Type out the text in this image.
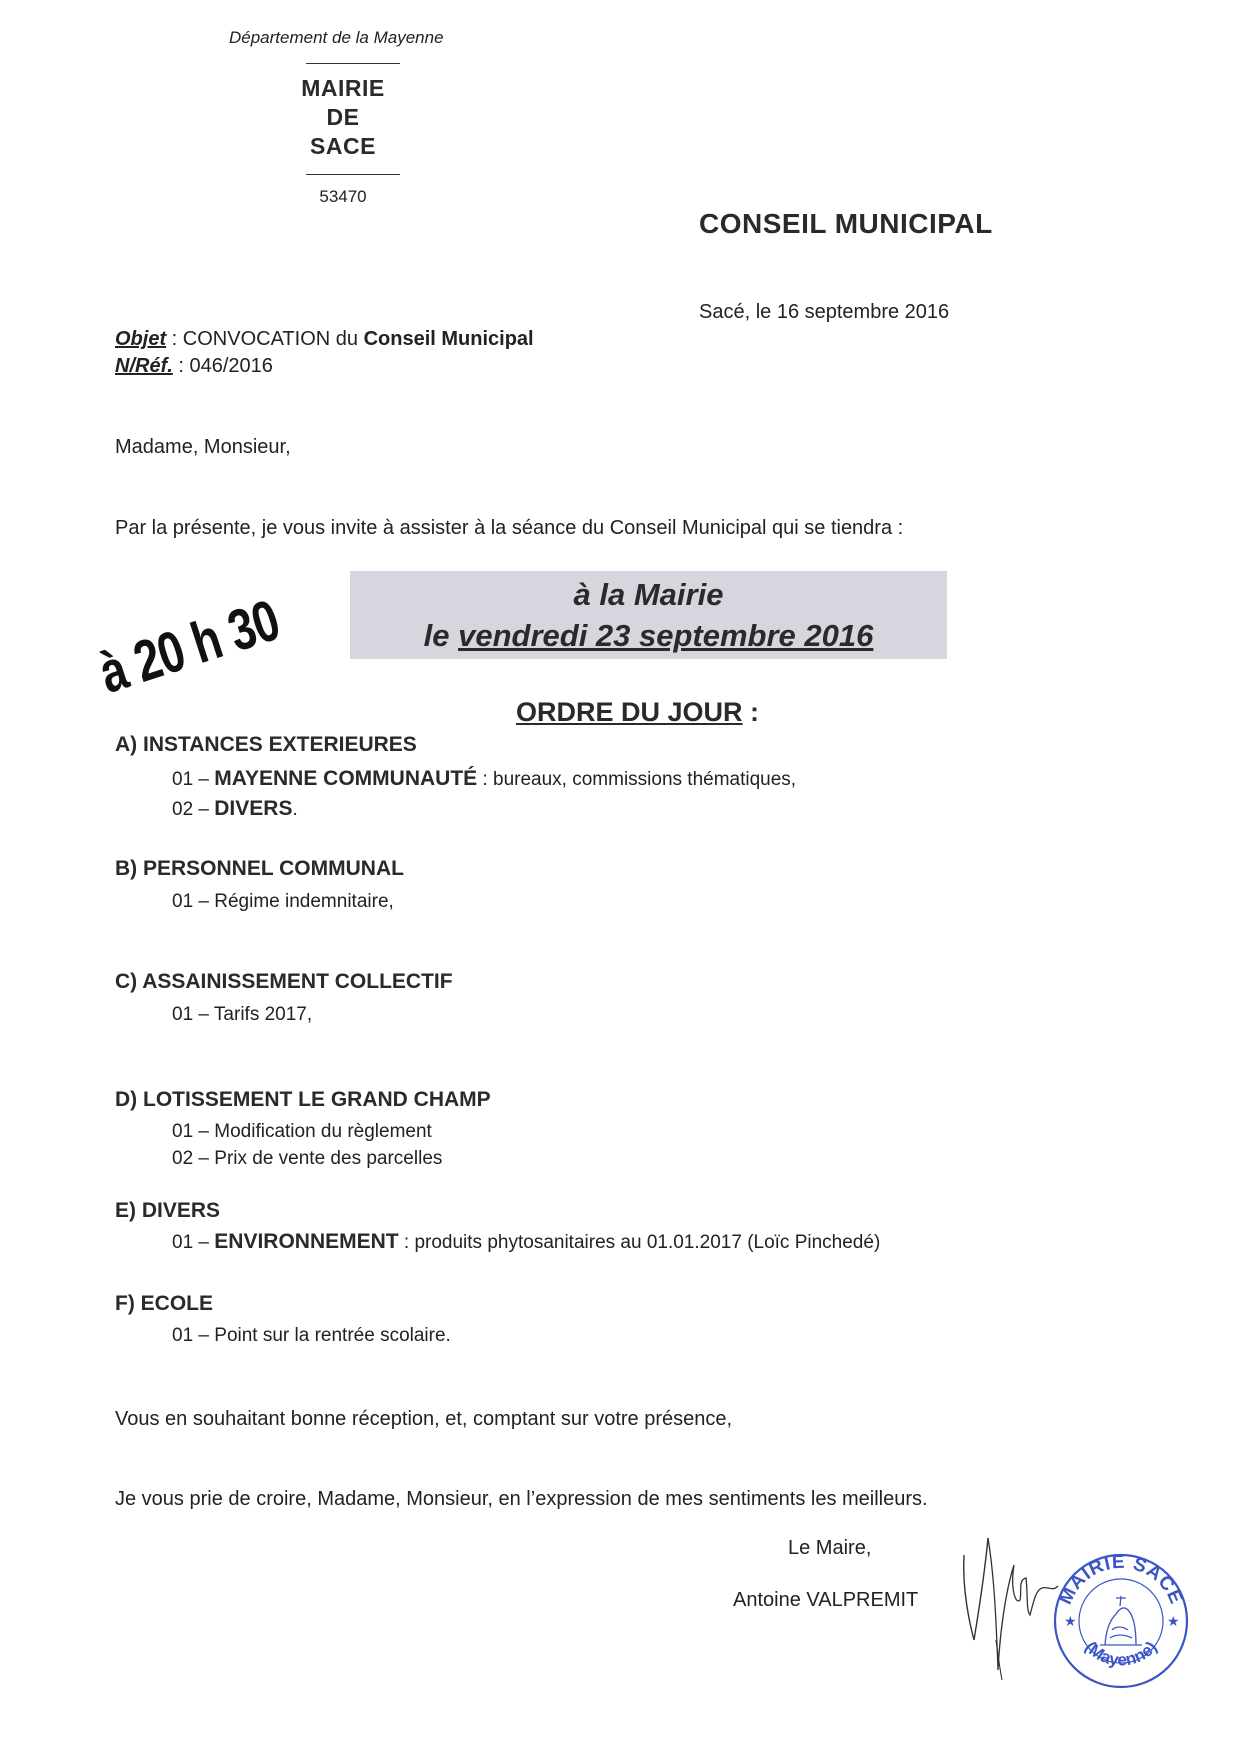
Département de la Mayenne
MAIRIE
DE
SACE
53470
CONSEIL MUNICIPAL
Sacé, le 16 septembre 2016
Objet : CONVOCATION du Conseil Municipal
N/Réf. : 046/2016
Madame, Monsieur,
Par la présente, je vous invite à assister à la séance du Conseil Municipal qui se tiendra :
à 20 h 30	à la Mairie
le vendredi 23 septembre 2016
ORDRE DU JOUR :
A) INSTANCES EXTERIEURES
01 – MAYENNE COMMUNAUTÉ : bureaux, commissions thématiques,
02 – DIVERS.
B) PERSONNEL COMMUNAL
01 – Régime indemnitaire,
C) ASSAINISSEMENT COLLECTIF
01 – Tarifs 2017,
D) LOTISSEMENT LE GRAND CHAMP
01 – Modification du règlement
02 – Prix de vente des parcelles
E) DIVERS
01 – ENVIRONNEMENT : produits phytosanitaires au 01.01.2017 (Loïc Pinchedé)
F) ECOLE
01 – Point sur la rentrée scolaire.
Vous en souhaitant bonne réception, et, comptant sur votre présence,
Je vous prie de croire, Madame, Monsieur, en l’expression de mes sentiments les meilleurs.
Le Maire,
Antoine VALPREMIT	MAIRIE SACE
(Mayenne)
★	★
